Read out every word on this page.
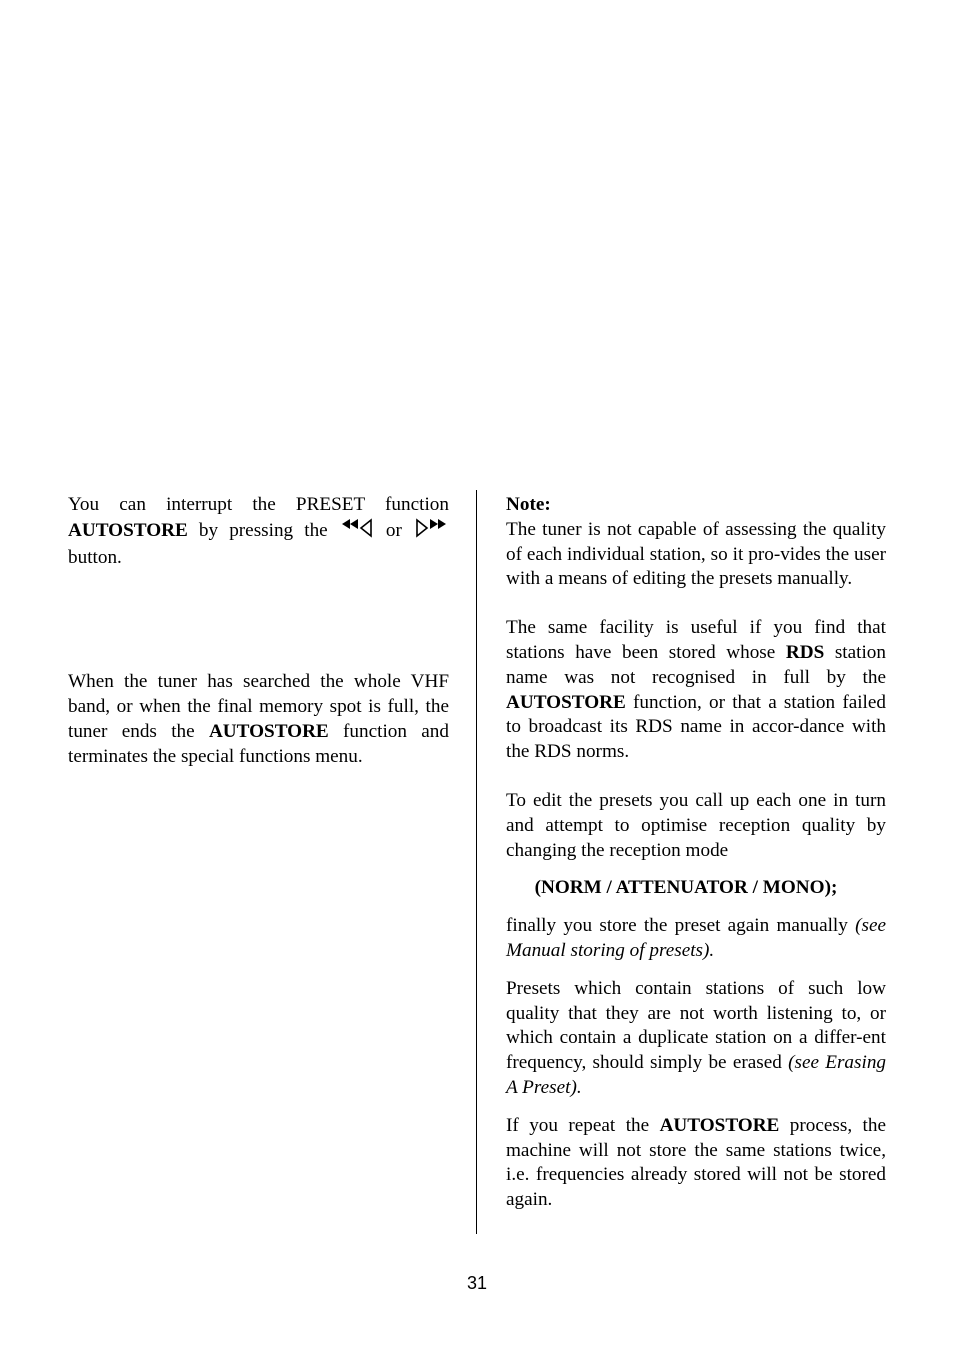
You can interrupt the PRESET function AUTOSTORE by pressing the  or  button.

When the tuner has searched the whole VHF band, or when the final memory spot is full, the tuner ends the AUTOSTORE function and terminates the special functions menu.

Note:

The tuner is not capable of assessing the quality of each individual station, so it pro-vides the user with a means of editing the presets manually.

The same facility is useful if you find that stations have been stored whose RDS station name was not recognised in full by the AUTOSTORE function, or that a station failed to broadcast its RDS name in accor-dance with the RDS norms.

To edit the presets you call up each one in turn and attempt to optimise reception quality by changing the reception mode

(NORM / ATTENUATOR / MONO);

finally you store the preset again manually (see Manual storing of presets).

Presets which contain stations of such low quality that they are not worth listening to, or which contain a duplicate station on a differ-ent frequency, should simply be erased (see Erasing A Preset).

If you repeat the AUTOSTORE process, the machine will not store the same stations twice, i.e. frequencies already stored will not be stored again.

31
